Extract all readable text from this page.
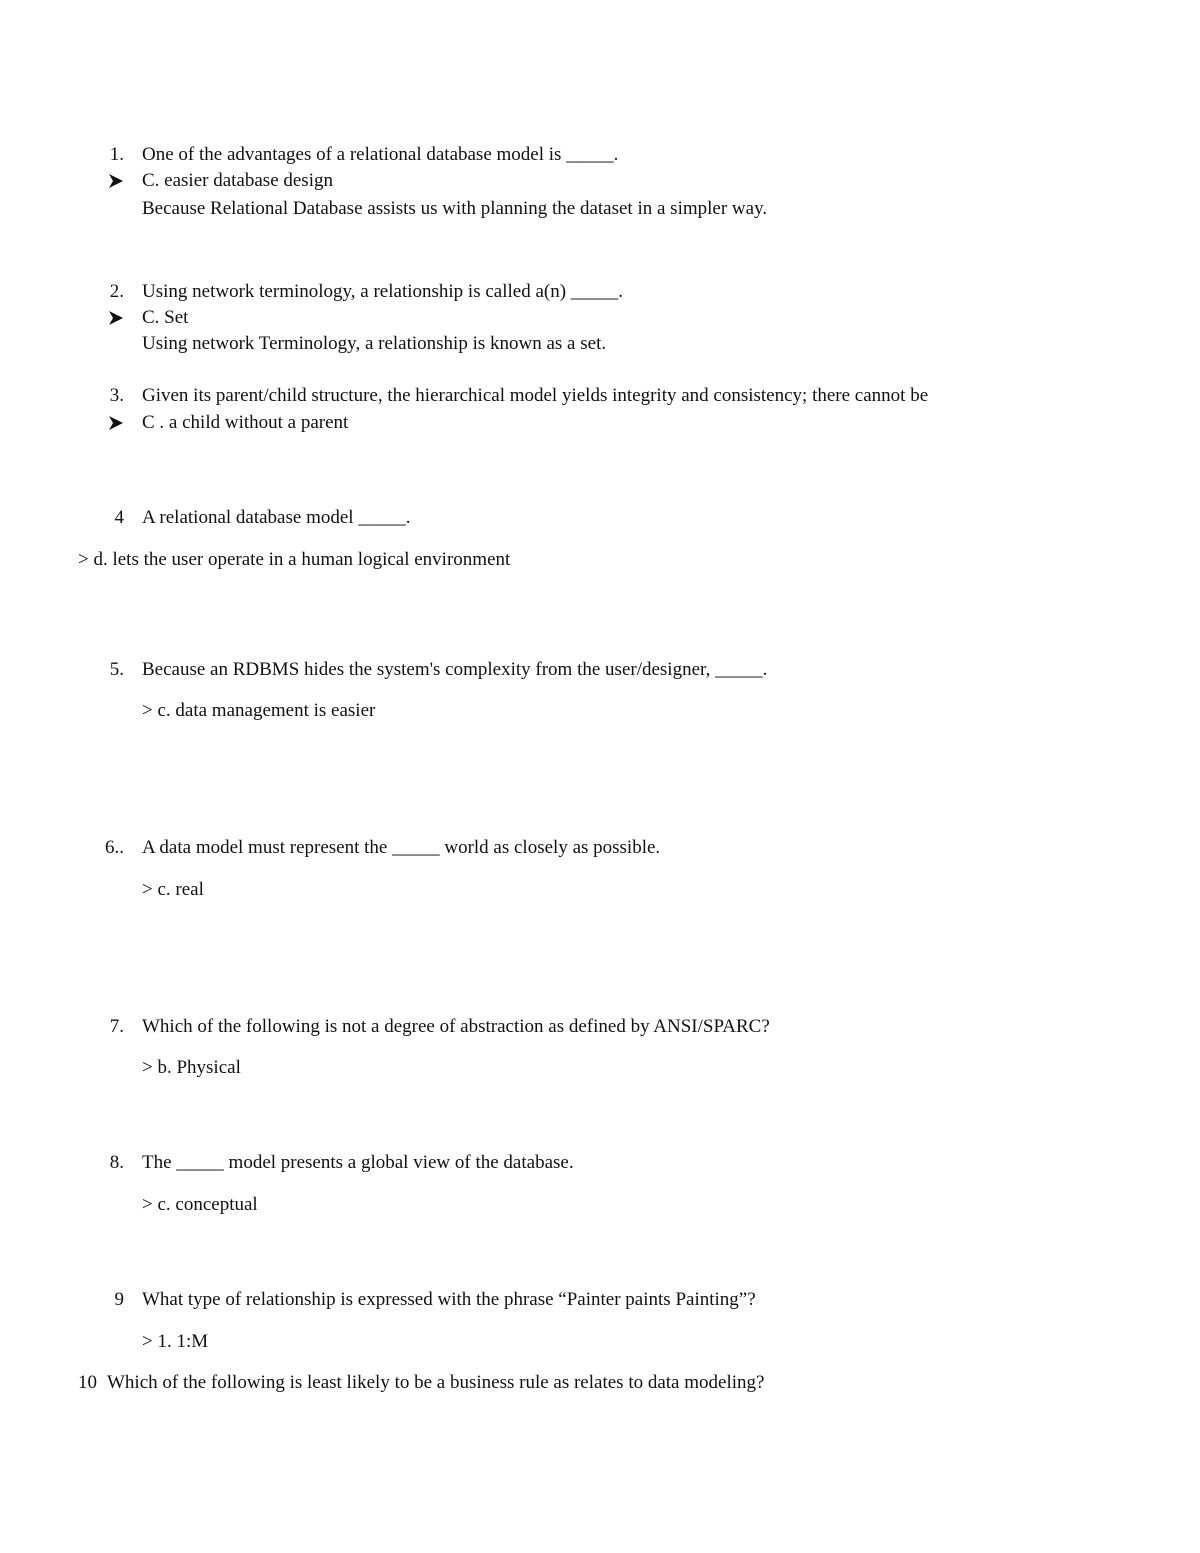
1. One of the advantages of a relational database model is _____.
C. easier database design
Because Relational Database assists us with planning the dataset in a simpler way.
2. Using network terminology, a relationship is called a(n) _____.
C. Set
Using network Terminology, a relationship is known as a set.
3. Given its parent/child structure, the hierarchical model yields integrity and consistency; there cannot be
C . a child without a parent
4 A relational database model _____.
> d. lets the user operate in a human logical environment
5. Because an RDBMS hides the system's complexity from the user/designer, _____.
> c. data management is easier
6.. A data model must represent the _____ world as closely as possible.
> c. real
7. Which of the following is not a degree of abstraction as defined by ANSI/SPARC?
> b. Physical
8. The _____ model presents a global view of the database.
> c. conceptual
9 What type of relationship is expressed with the phrase “Painter paints Painting”?
> 1. 1:M
10 Which of the following is least likely to be a business rule as relates to data modeling?
